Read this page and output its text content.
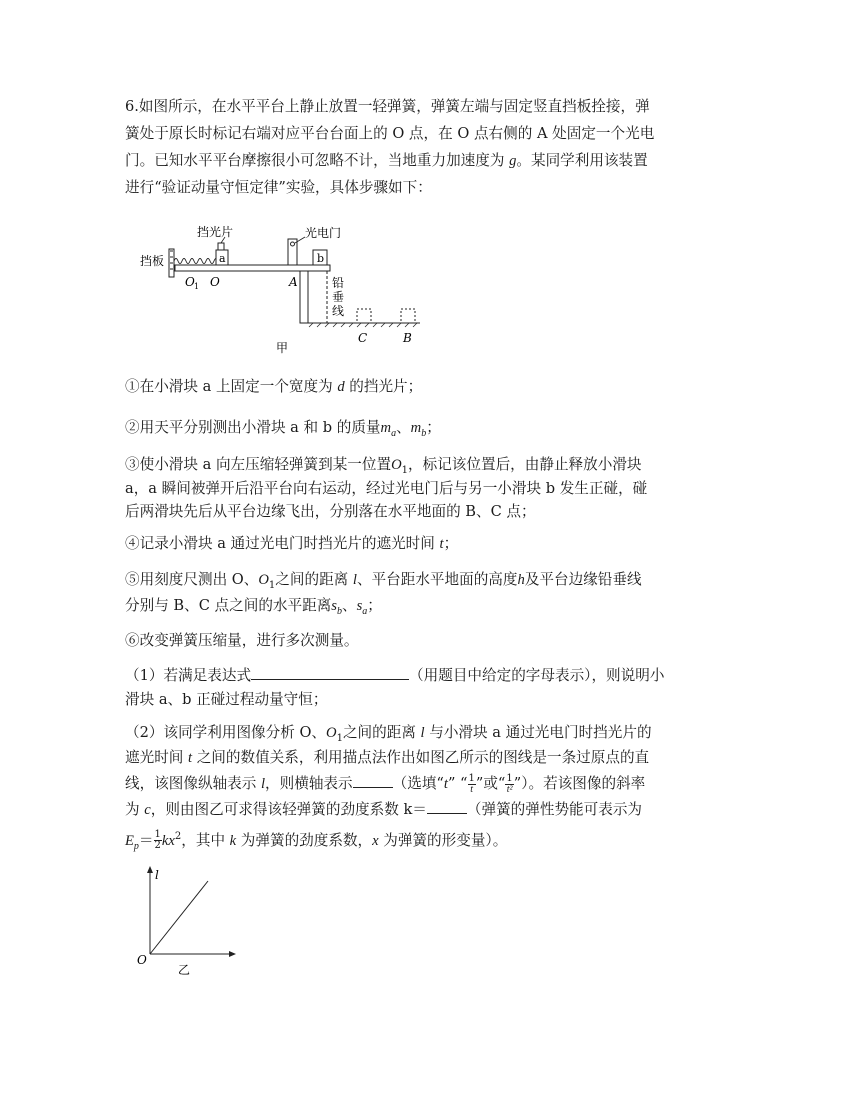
6.如图所示，在水平平台上静止放置一轻弹簧，弹簧左端与固定竖直挡板拴接，弹

簧处于原长时标记右端对应平台台面上的 O 点，在 O 点右侧的 A 处固定一个光电

门。已知水平平台摩擦很小可忽略不计，当地重力加速度为 g。某同学利用该装置

进行“验证动量守恒定律”实验，具体步骤如下：

挡板
挡光片	光电门
a	b
铅
垂
线
O 1 O	A
C	B
甲

①在小滑块 a 上固定一个宽度为 d 的挡光片；

②用天平分别测出小滑块 a 和 b 的质量$m_a$、$m_b$；

③使小滑块 a 向左压缩轻弹簧到某一位置$O_1$，标记该位置后，由静止释放小滑块

a，a 瞬间被弹开后沿平台向右运动，经过光电门后与另一小滑块 b 发生正碰，碰

后两滑块先后从平台边缘飞出，分别落在水平地面的 B、C 点；

④记录小滑块 a 通过光电门时挡光片的遮光时间 t；

⑤用刻度尺测出 O、$O_1$之间的距离 l、平台距水平地面的高度h及平台边缘铅垂线

分别与 B、C 点之间的水平距离$s_b$、$s_a$；

⑥改变弹簧压缩量，进行多次测量。

（1）若满足表达式	（用题目中给定的字母表示），则说明小

滑块 a、b 正碰过程动量守恒；

（2）该同学利用图像分析 O、$O_1$之间的距离 l 与小滑块 a 通过光电门时挡光片的

遮光时间 t 之间的数值关系，利用描点法作出如图乙所示的图线是一条过原点的直

线，该图像纵轴表示 l，则横轴表示	（选填“t” “ $\frac{1}{t}$ ”或“ $\frac{1}{\text{t²}}$ ”）。若该图像的斜率

为 c，则由图乙可求得该轻弹簧的劲度系数 k＝	（弹簧的弹性势能可表示为

$E_p= \frac{1}{2} kx^2$，其中 k 为弹簧的劲度系数，x 为弹簧的形变量）。

l
O
乙
